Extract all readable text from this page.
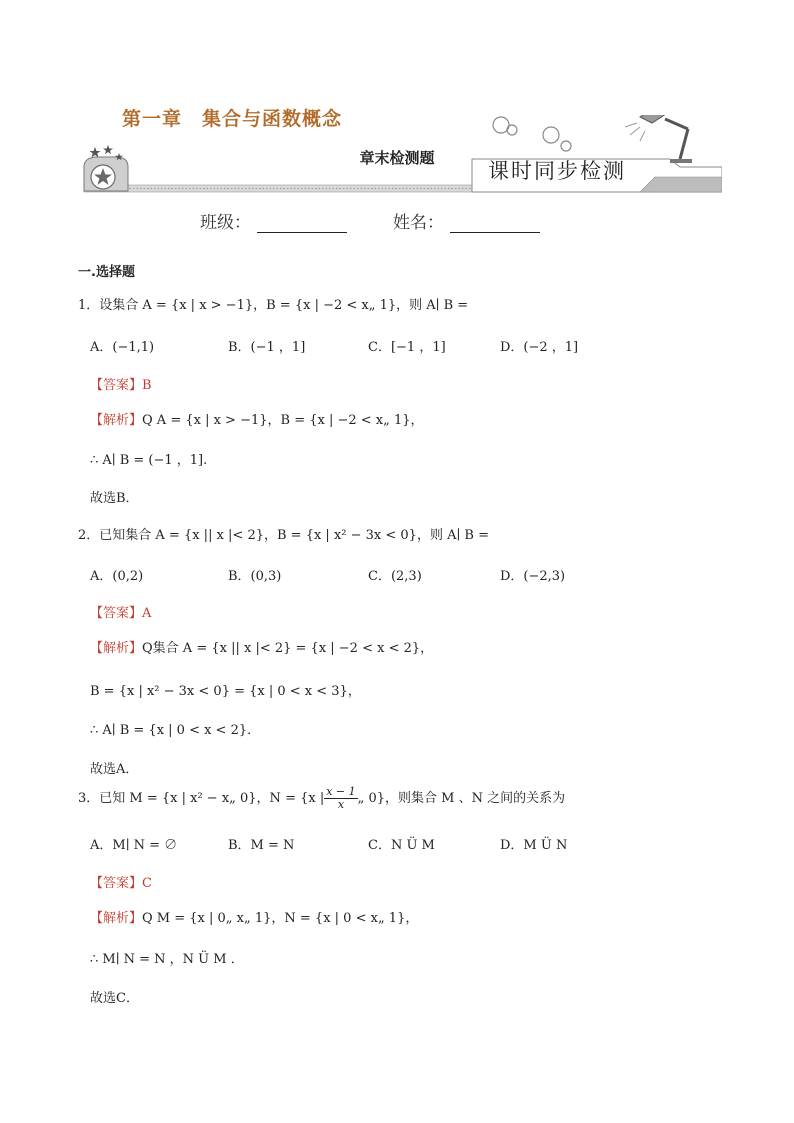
第一章　集合与函数概念
章末检测题
课时同步检测
班级：	姓名：
一.选择题
1．设集合 A = {x | x > −1}，B = {x | −2 < x„ 1}，则 A∣ B =
A．(−1,1)	B．(−1 ，1]	C．[−1 ，1]	D．(−2 ，1]
【答案】B
【解析】Q A = {x | x > −1}，B = {x | −2 < x„ 1}，
∴ A∣ B = (−1 ，1].
故选B．
2．已知集合 A = {x || x |< 2}，B = {x | x² − 3x < 0}，则 A∣ B =
A．(0,2)	B．(0,3)	C．(2,3)	D．(−2,3)
【答案】A
【解析】Q集合 A = {x || x |< 2} = {x | −2 < x < 2}，
B = {x | x² − 3x < 0} = {x | 0 < x < 3}，
∴ A∣ B = {x | 0 < x < 2}．
故选A．
3．已知 M = {x | x² − x„ 0}，N = {x | $\frac{x - 1}{x}$ „ 0}，则集合 M 、N 之间的关系为
A．M∣ N = ∅	B．M = N	C．N Ü M	D．M Ü N
【答案】C
【解析】Q M = {x | 0„ x„ 1}，N = {x | 0 < x„ 1}，
∴ M∣ N = N ，N Ü M ．
故选C．
